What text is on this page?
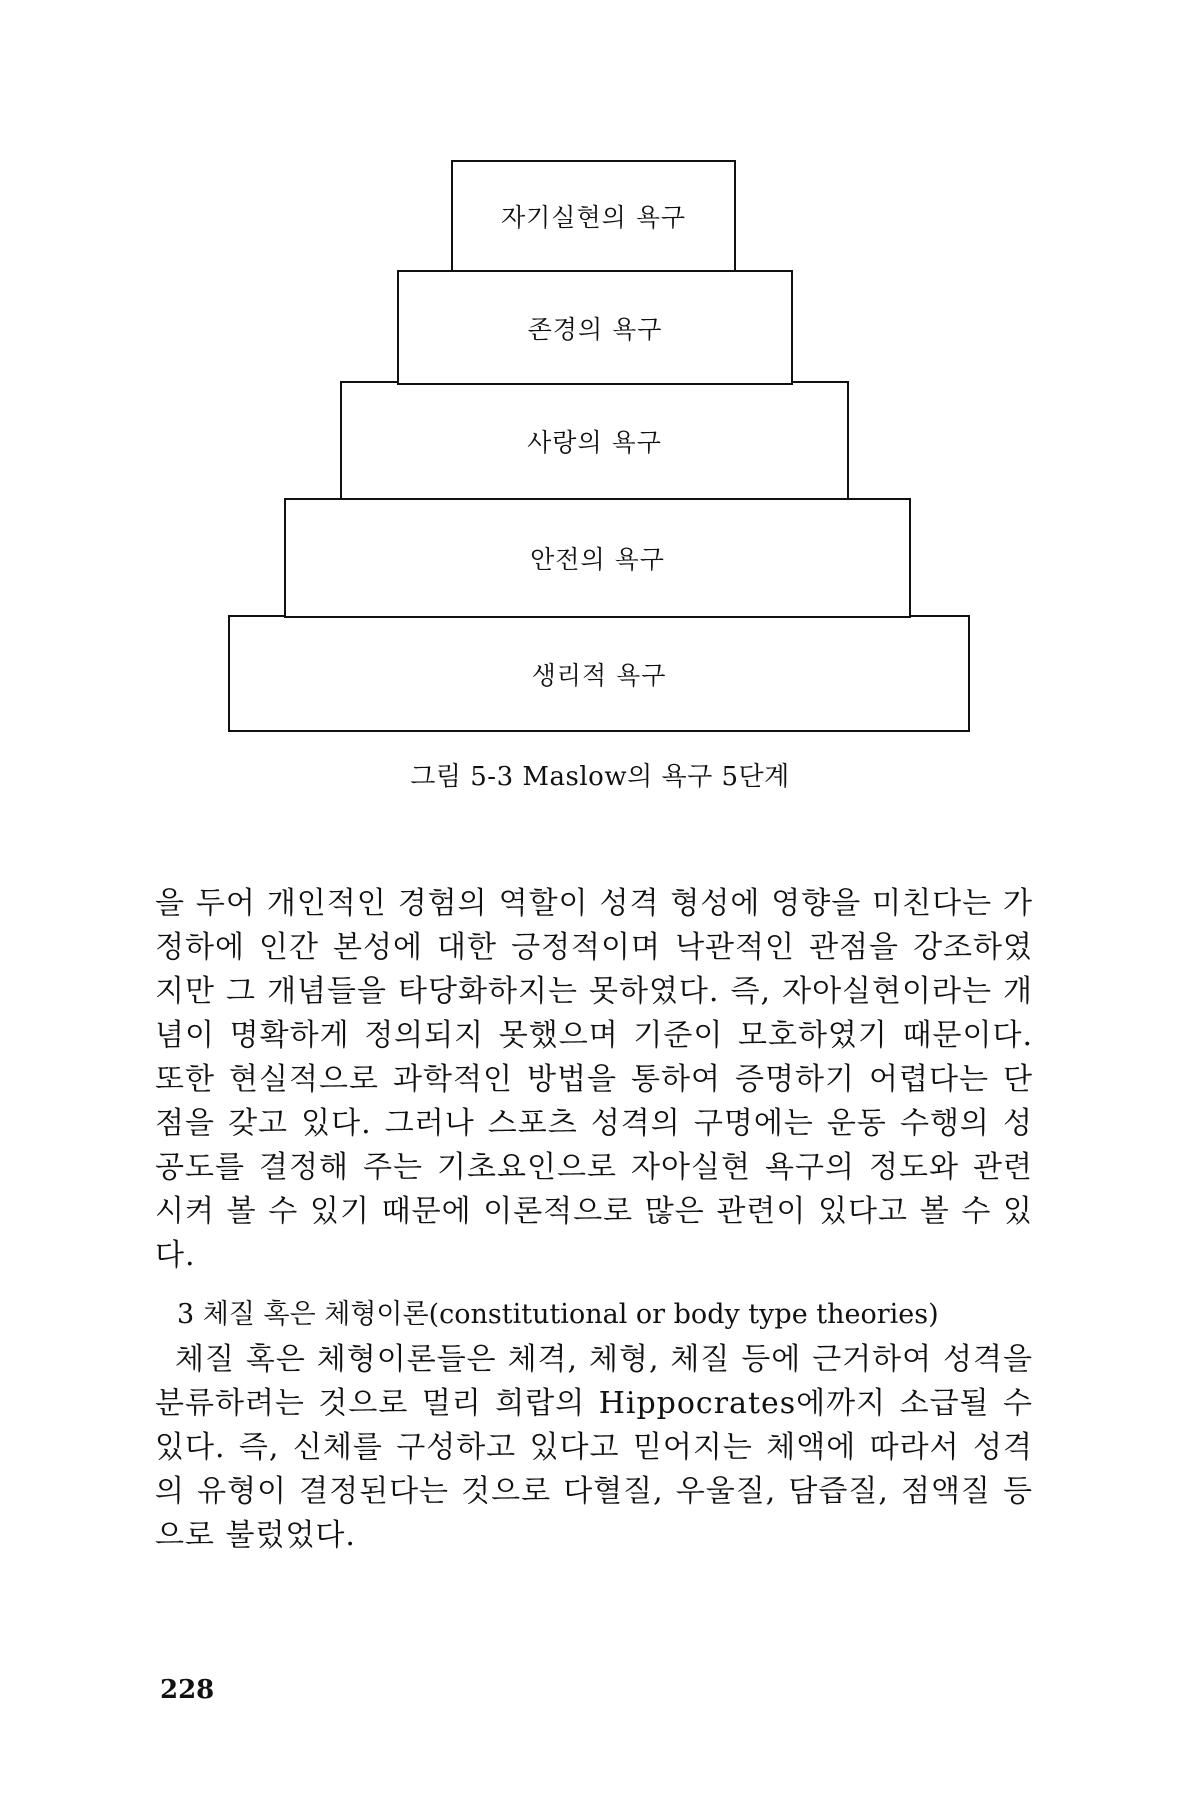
자기실현의 욕구
존경의 욕구
사랑의 욕구
안전의 욕구
생리적 욕구
그림 5-3 Maslow의 욕구 5단계

을 두어 개인적인 경험의 역할이 성격 형성에 영향을 미친다는 가정하에 인간 본성에 대한 긍정적이며 낙관적인 관점을 강조하였지만 그 개념들을 타당화하지는 못하였다. 즉, 자아실현이라는 개념이 명확하게 정의되지 못했으며 기준이 모호하였기 때문이다. 또한 현실적으로 과학적인 방법을 통하여 증명하기 어렵다는 단점을 갖고 있다. 그러나 스포츠 성격의 구명에는 운동 수행의 성공도를 결정해 주는 기초요인으로 자아실현 욕구의 정도와 관련시켜 볼 수 있기 때문에 이론적으로 많은 관련이 있다고 볼 수 있다.

3 체질 혹은 체형이론(constitutional or body type theories)

체질 혹은 체형이론들은 체격, 체형, 체질 등에 근거하여 성격을 분류하려는 것으로 멀리 희랍의 Hippocrates에까지 소급될 수 있다. 즉, 신체를 구성하고 있다고 믿어지는 체액에 따라서 성격의 유형이 결정된다는 것으로 다혈질, 우울질, 담즙질, 점액질 등으로 불렀었다.

228
